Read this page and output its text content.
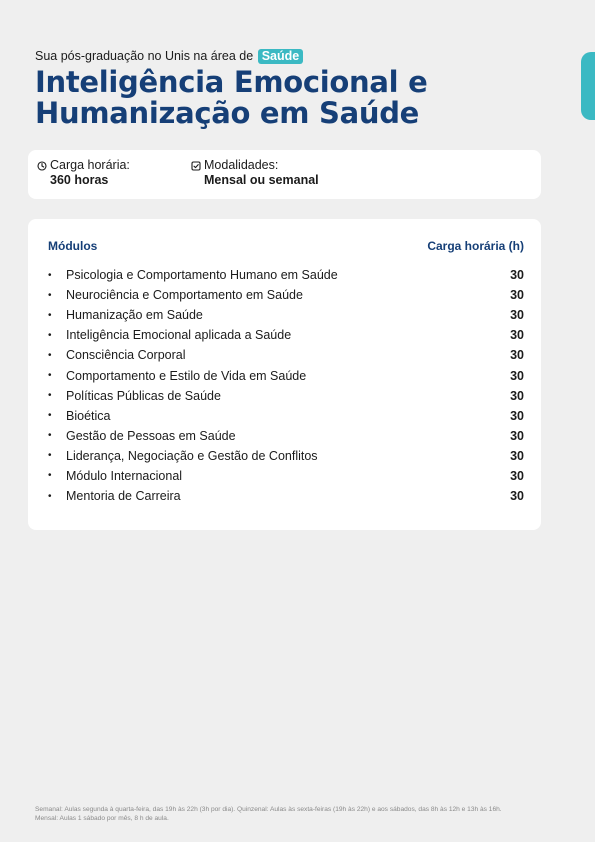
Sua pós-graduação no Unis na área de Saúde
Inteligência Emocional e
Humanização em Saúde
Carga horária:
360 horas
Modalidades:
Mensal ou semanal
Módulos	Carga horária (h)
•	Psicologia e Comportamento Humano em Saúde	30
•	Neurociência e Comportamento em Saúde	30
•	Humanização em Saúde	30
•	Inteligência Emocional aplicada a Saúde	30
•	Consciência Corporal	30
•	Comportamento e Estilo de Vida em Saúde	30
•	Políticas Públicas de Saúde	30
•	Bioética	30
•	Gestão de Pessoas em Saúde	30
•	Liderança, Negociação e Gestão de Conflitos	30
•	Módulo Internacional	30
•	Mentoria de Carreira	30
Semanal: Aulas segunda à quarta-feira, das 19h às 22h (3h por dia). Quinzenal: Aulas às sexta-feiras (19h às 22h) e aos sábados, das 8h às 12h e 13h às 16h.
Mensal: Aulas 1 sábado por mês, 8 h de aula.
